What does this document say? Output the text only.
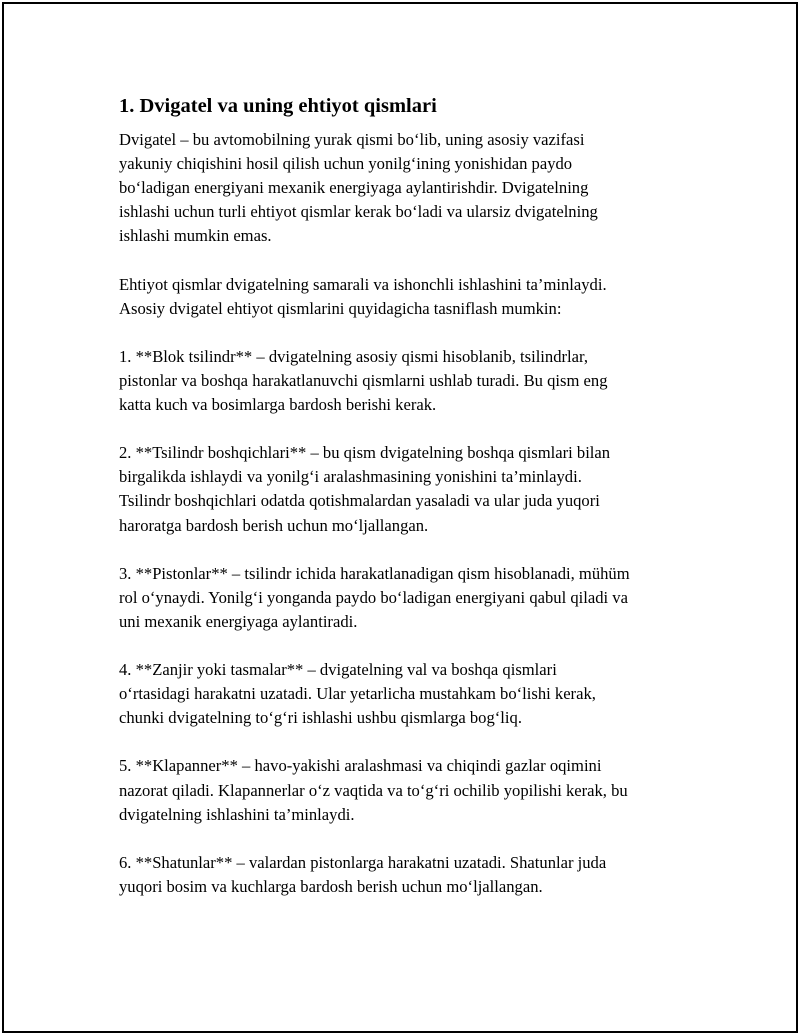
1. Dvigatel va uning ehtiyot qismlari
Dvigatel – bu avtomobilning yurak qismi bo‘lib, uning asosiy vazifasi
yakuniy chiqishini hosil qilish uchun yonilg‘ining yonishidan paydo
bo‘ladigan energiyani mexanik energiyaga aylantirishdir. Dvigatelning
ishlashi uchun turli ehtiyot qismlar kerak bo‘ladi va ularsiz dvigatelning
ishlashi mumkin emas.
Ehtiyot qismlar dvigatelning samarali va ishonchli ishlashini ta’minlaydi.
Asosiy dvigatel ehtiyot qismlarini quyidagicha tasniflash mumkin:
1. **Blok tsilindr** – dvigatelning asosiy qismi hisoblanib, tsilindrlar,
pistonlar va boshqa harakatlanuvchi qismlarni ushlab turadi. Bu qism eng
katta kuch va bosimlarga bardosh berishi kerak.
2. **Tsilindr boshqichlari** – bu qism dvigatelning boshqa qismlari bilan
birgalikda ishlaydi va yonilg‘i aralashmasining yonishini ta’minlaydi.
Tsilindr boshqichlari odatda qotishmalardan yasaladi va ular juda yuqori
haroratga bardosh berish uchun mo‘ljallangan.
3. **Pistonlar** – tsilindr ichida harakatlanadigan qism hisoblanadi, mühüm
rol o‘ynaydi. Yonilg‘i yonganda paydo bo‘ladigan energiyani qabul qiladi va
uni mexanik energiyaga aylantiradi.
4. **Zanjir yoki tasmalar** – dvigatelning val va boshqa qismlari
o‘rtasidagi harakatni uzatadi. Ular yetarlicha mustahkam bo‘lishi kerak,
chunki dvigatelning to‘g‘ri ishlashi ushbu qismlarga bog‘liq.
5. **Klapanner** – havo-yakishi aralashmasi va chiqindi gazlar oqimini
nazorat qiladi. Klapannerlar o‘z vaqtida va to‘g‘ri ochilib yopilishi kerak, bu
dvigatelning ishlashini ta’minlaydi.
6. **Shatunlar** – valardan pistonlarga harakatni uzatadi. Shatunlar juda
yuqori bosim va kuchlarga bardosh berish uchun mo‘ljallangan.
